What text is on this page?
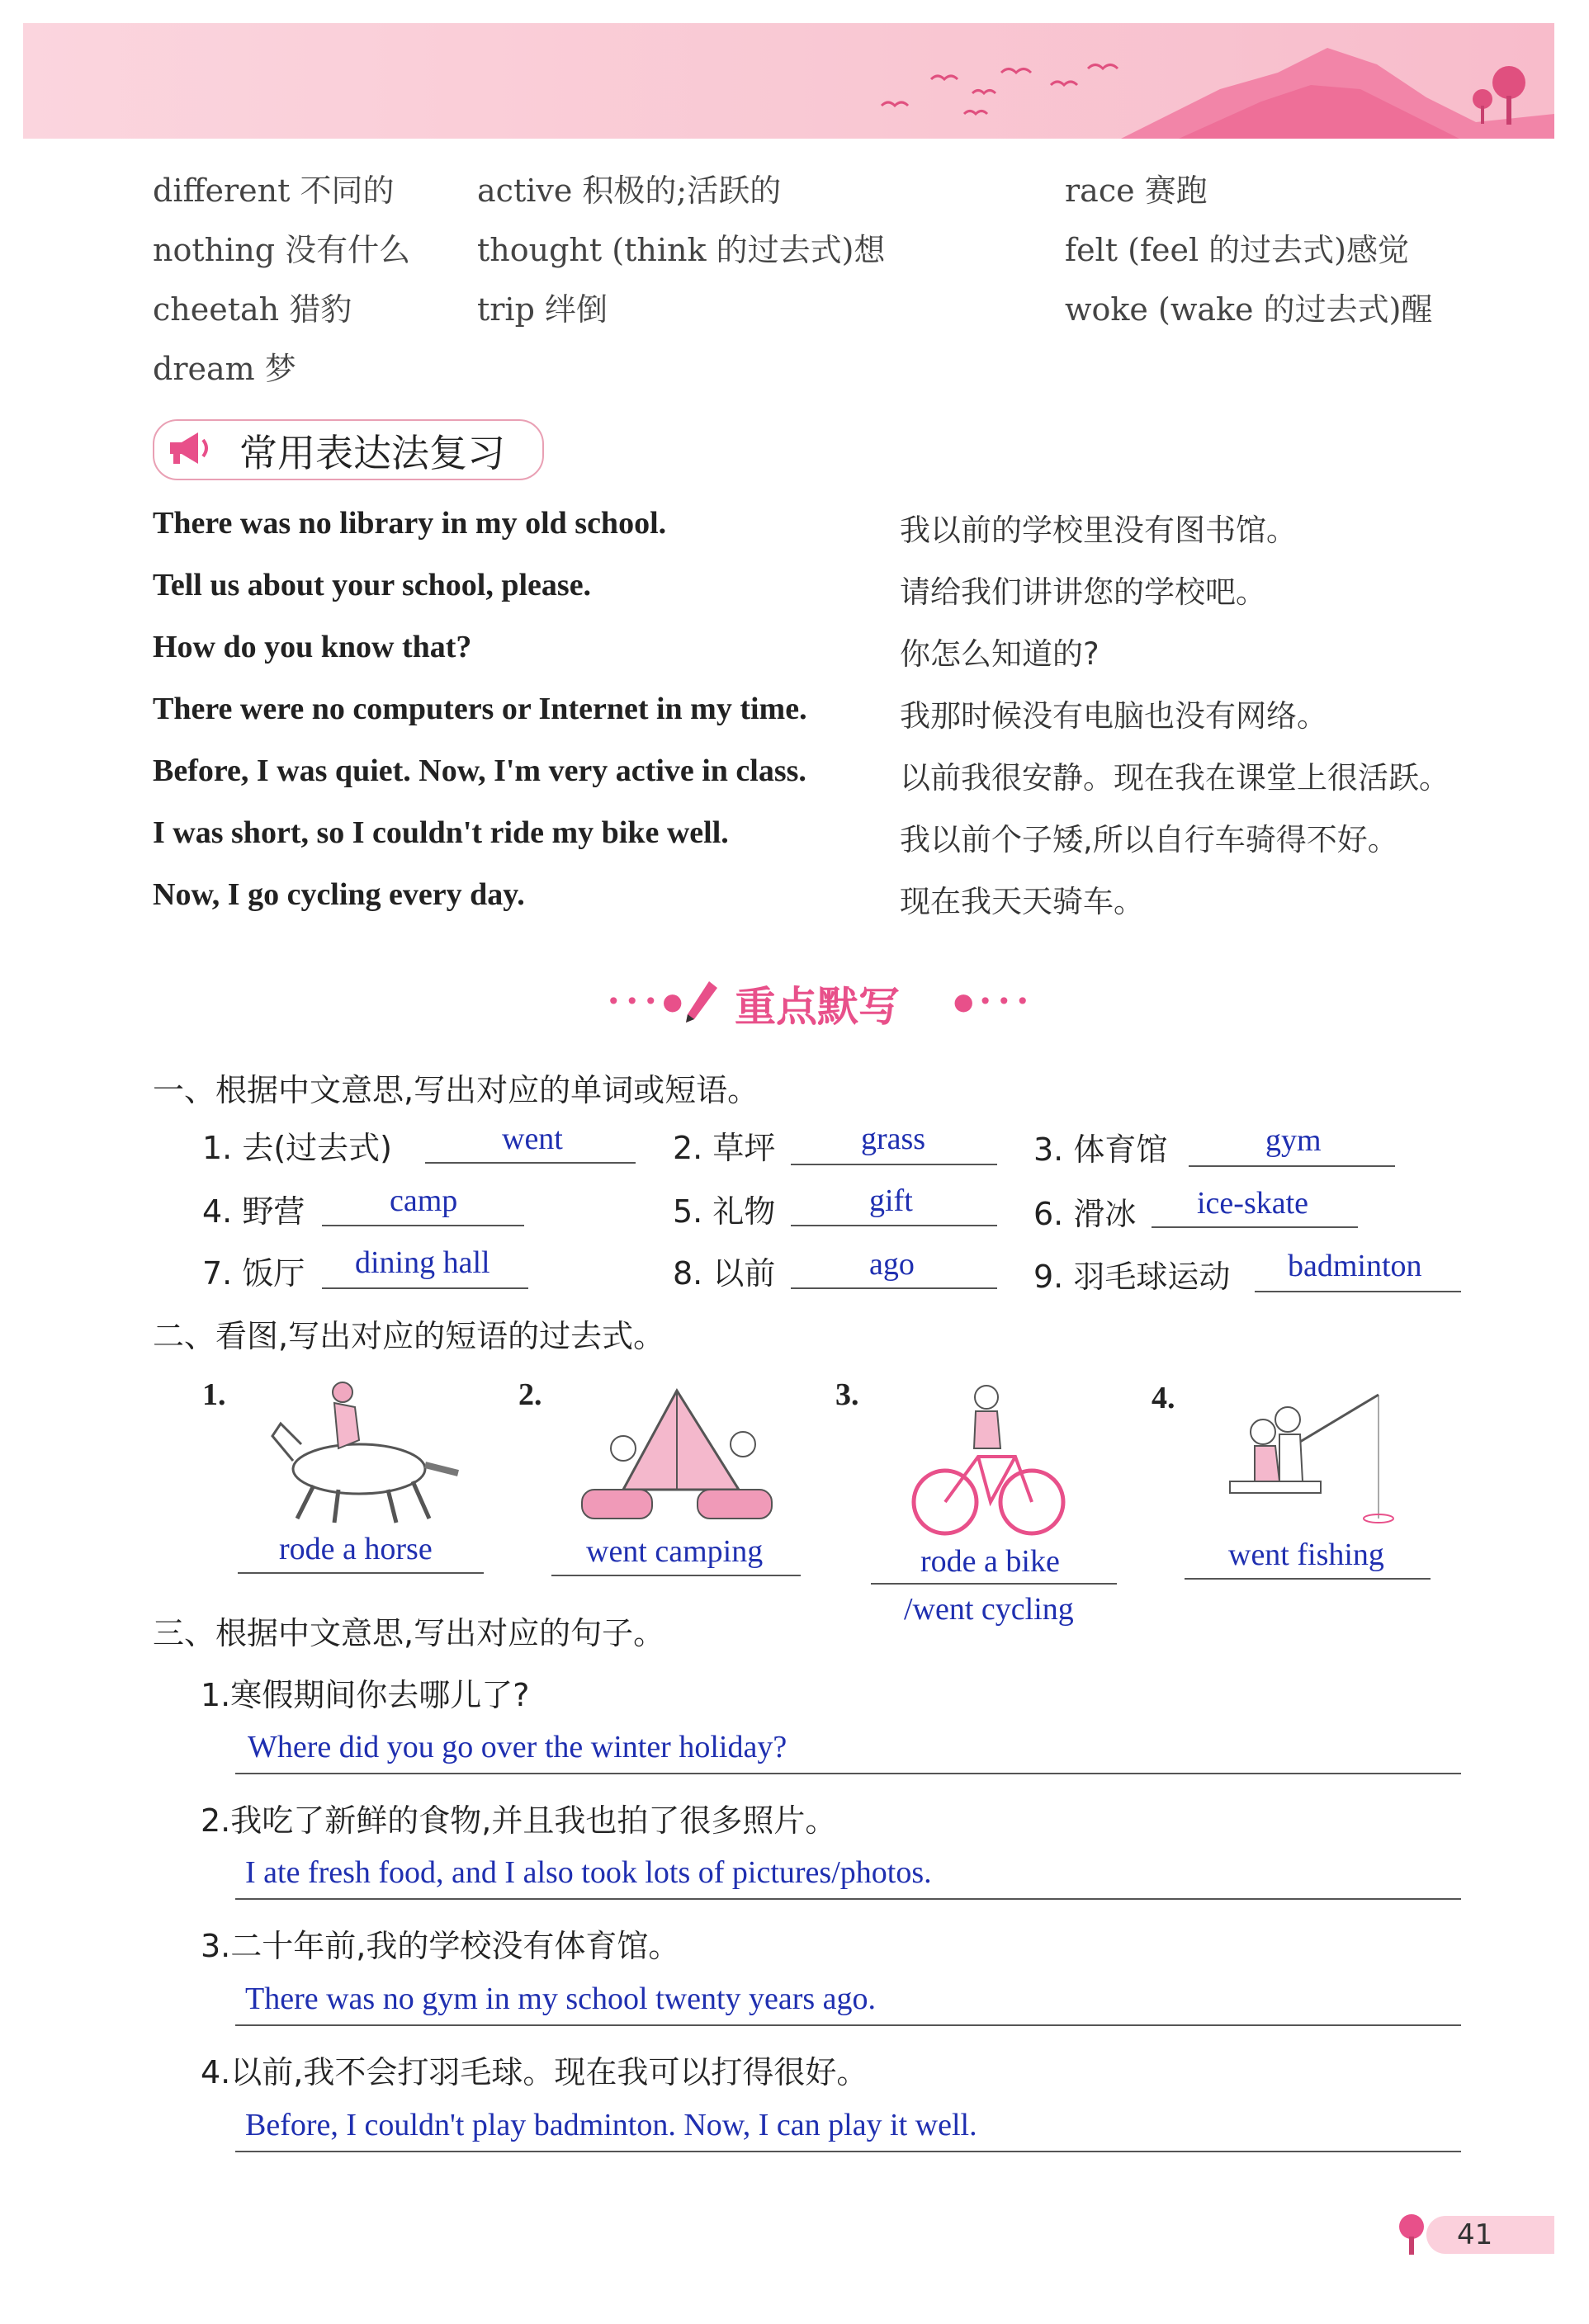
different 不同的	active 积极的;活跃的	race 赛跑
nothing 没有什么 thought (think 的过去式)想	felt (feel 的过去式)感觉
cheetah 猎豹	trip 绊倒	woke (wake 的过去式)醒
dream 梦
常用表达法复习
There was no library in my old school.	我以前的学校里没有图书馆。
Tell us about your school, please.	请给我们讲讲您的学校吧。
How do you know that?	你怎么知道的?
There were no computers or Internet in my time.	我那时候没有电脑也没有网络。
Before, I was quiet. Now, I'm very active in class.	以前我很安静。现在我在课堂上很活跃。
I was short, so I couldn't ride my bike well.	我以前个子矮,所以自行车骑得不好。
Now, I go cycling every day.	现在我天天骑车。
•••● 重点默写 ●•••
一、根据中文意思,写出对应的单词或短语。
1. 去(过去式)	went	2. 草坪	grass	3. 体育馆	gym
4. 野营	camp	5. 礼物	gift	6. 滑冰 ice-skate
7. 饭厅 dining hall	8. 以前	ago	9. 羽毛球运动 badminton
二、看图,写出对应的短语的过去式。
1.
rode a horse
2.
went camping
3.
rode a bike
/went cycling
4.
went fishing
三、根据中文意思,写出对应的句子。
1.寒假期间你去哪儿了?
Where did you go over the winter holiday?
2.我吃了新鲜的食物,并且我也拍了很多照片。
I ate fresh food, and I also took lots of pictures/photos.
3.二十年前,我的学校没有体育馆。
There was no gym in my school twenty years ago.
4.以前,我不会打羽毛球。现在我可以打得很好。
Before, I couldn't play badminton. Now, I can play it well.
41
